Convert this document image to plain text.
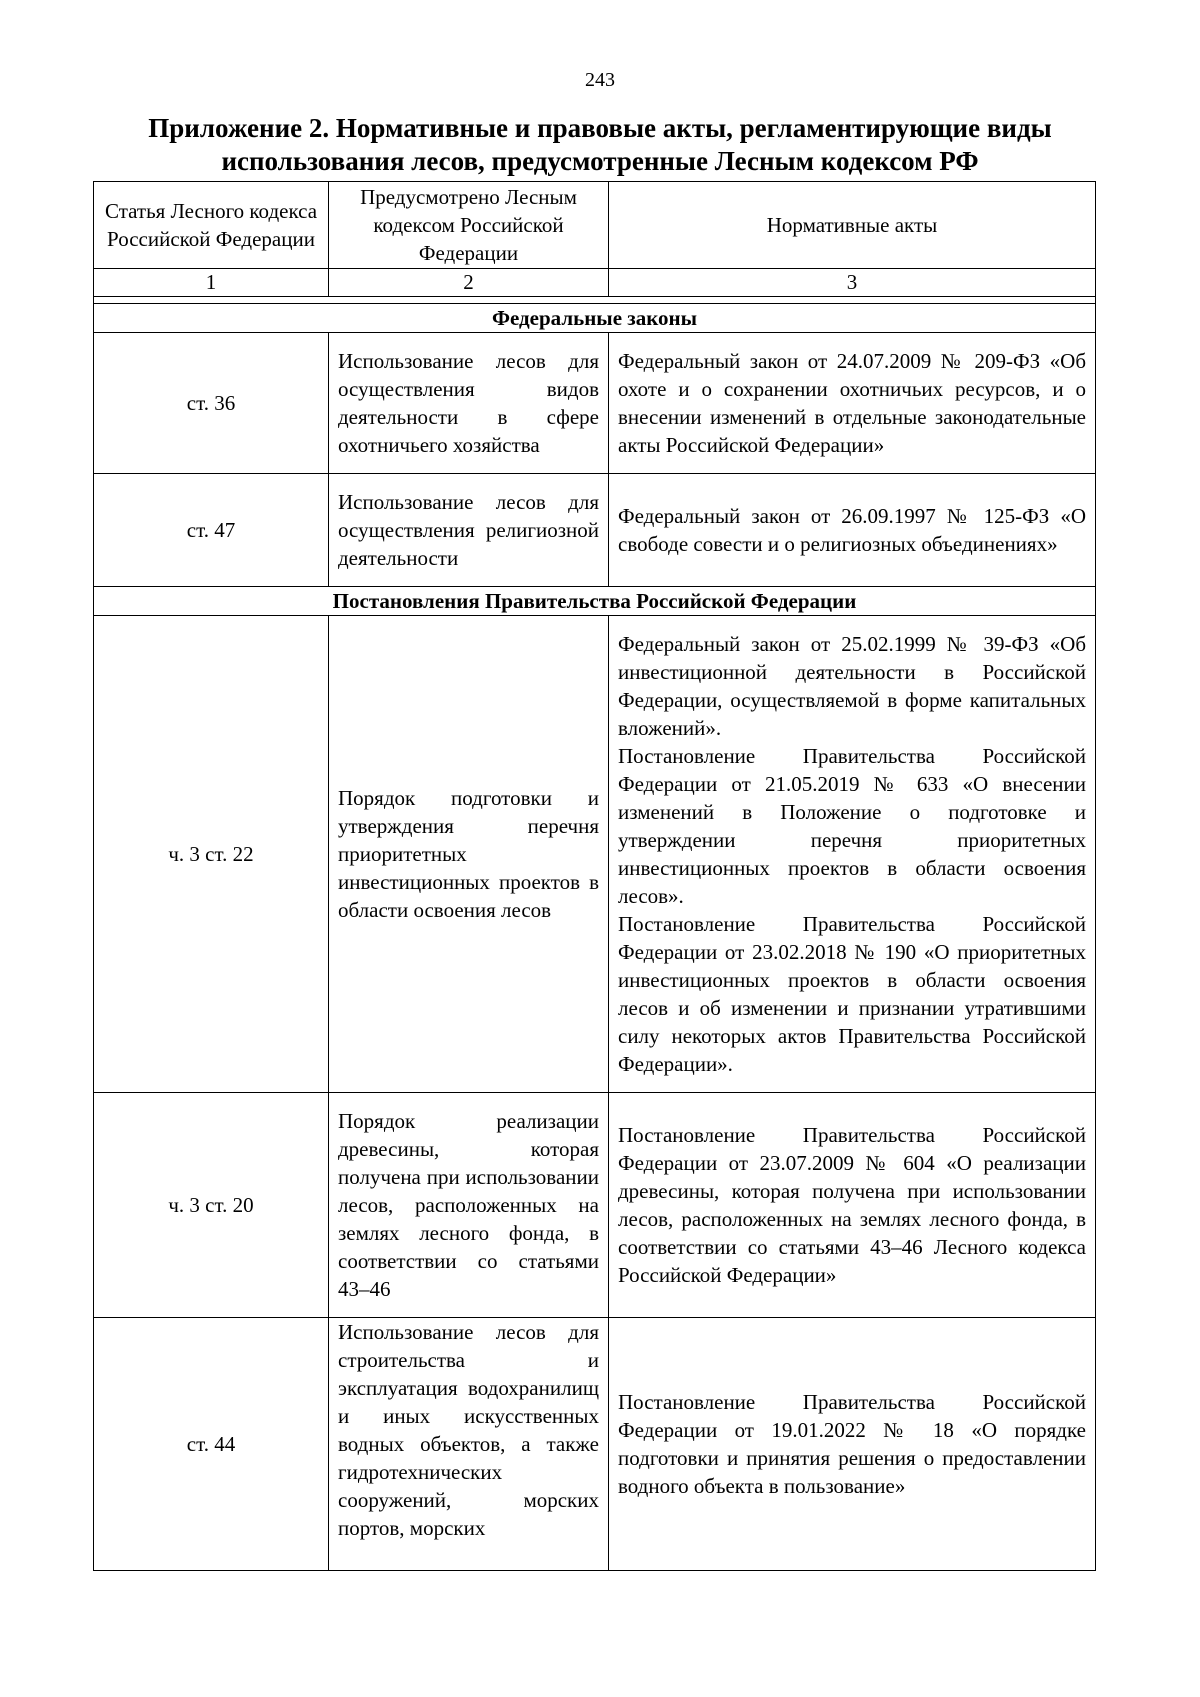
243
Приложение 2. Нормативные и правовые акты, регламентирующие виды
использования лесов, предусмотренные Лесным кодексом РФ
Статья Лесного кодекса Российской Федерации	Предусмотрено Лесным кодексом Российской Федерации	Нормативные акты
1	2	3

Федеральные законы		
ст. 36	Использование лесов для осуществления видов деятельности в сфере охотничьего хозяйства	Федеральный закон от 24.07.2009 № 209-ФЗ «Об охоте и о сохранении охотничьих ресурсов, и о внесении изменений в отдельные законодательные акты Российской Федерации»

ст. 47	Использование лесов для осуществления религиозной деятельности	Федеральный закон от 26.09.1997 № 125-ФЗ «О свободе совести и о религиозных объединениях»

Постановления Правительства Российской Федерации		
ч. 3 ст. 22	Порядок подготовки и утверждения перечня приоритетных инвестиционных проектов в области освоения лесов	Федеральный закон от 25.02.1999 № 39-ФЗ «Об инвестиционной деятельности в Российской Федерации, осуществляемой в форме капитальных вложений».
Постановление Правительства Российской Федерации от 21.05.2019 № 633 «О внесении изменений в Положение о подготовке и утверждении перечня приоритетных инвестиционных проектов в области освоения лесов».
Постановление Правительства Российской Федерации от 23.02.2018 № 190 «О приоритетных инвестиционных проектов в области освоения лесов и об изменении и признании утратившими силу некоторых актов Правительства Российской Федерации».

ч. 3 ст. 20	Порядок реализации древесины, которая получена при использовании лесов, расположенных на землях лесного фонда, в соответствии со статьями 43–46	Постановление Правительства Российской Федерации от 23.07.2009 № 604 «О реализации древесины, которая получена при использовании лесов, расположенных на землях лесного фонда, в соответствии со статьями 43–46 Лесного кодекса Российской Федерации»

ст. 44	Использование лесов для строительства и эксплуатация водохранилищ и иных искусственных водных объектов, а также гидротехнических сооружений, морских портов, морских	Постановление Правительства Российской Федерации от 19.01.2022 № 18 «О порядке подготовки и принятия решения о предоставлении водного объекта в пользование»
